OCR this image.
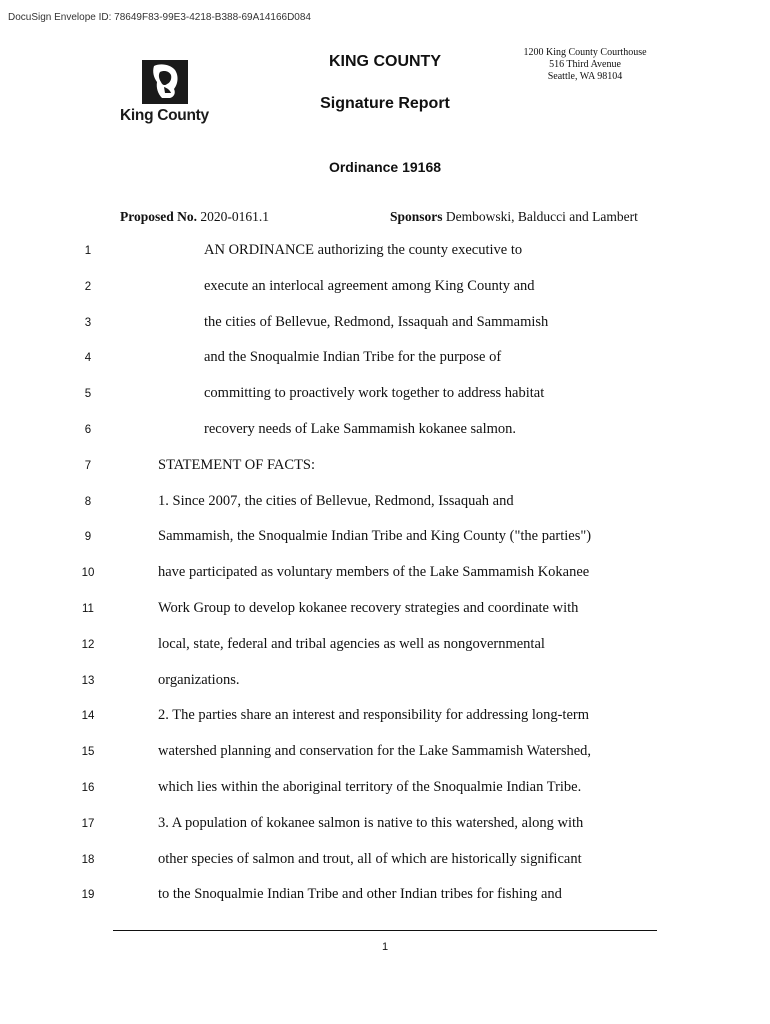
DocuSign Envelope ID: 78649F83-99E3-4218-B388-69A14166D084
King County
KING COUNTY
Signature Report
1200 King County Courthouse
516 Third Avenue
Seattle, WA 98104
Ordinance 19168
Proposed No. 2020-0161.1	Sponsors Dembowski, Balducci and Lambert
1	AN ORDINANCE authorizing the county executive to
2	execute an interlocal agreement among King County and
3	the cities of Bellevue, Redmond, Issaquah and Sammamish
4	and the Snoqualmie Indian Tribe for the purpose of
5	committing to proactively work together to address habitat
6	recovery needs of Lake Sammamish kokanee salmon.
7	STATEMENT OF FACTS:
8	1. Since 2007, the cities of Bellevue, Redmond, Issaquah and
9	Sammamish, the Snoqualmie Indian Tribe and King County ("the parties")
10	have participated as voluntary members of the Lake Sammamish Kokanee
11	Work Group to develop kokanee recovery strategies and coordinate with
12	local, state, federal and tribal agencies as well as nongovernmental
13	organizations.
14	2. The parties share an interest and responsibility for addressing long-term
15	watershed planning and conservation for the Lake Sammamish Watershed,
16	which lies within the aboriginal territory of the Snoqualmie Indian Tribe.
17	3. A population of kokanee salmon is native to this watershed, along with
18	other species of salmon and trout, all of which are historically significant
19	to the Snoqualmie Indian Tribe and other Indian tribes for fishing and
1
